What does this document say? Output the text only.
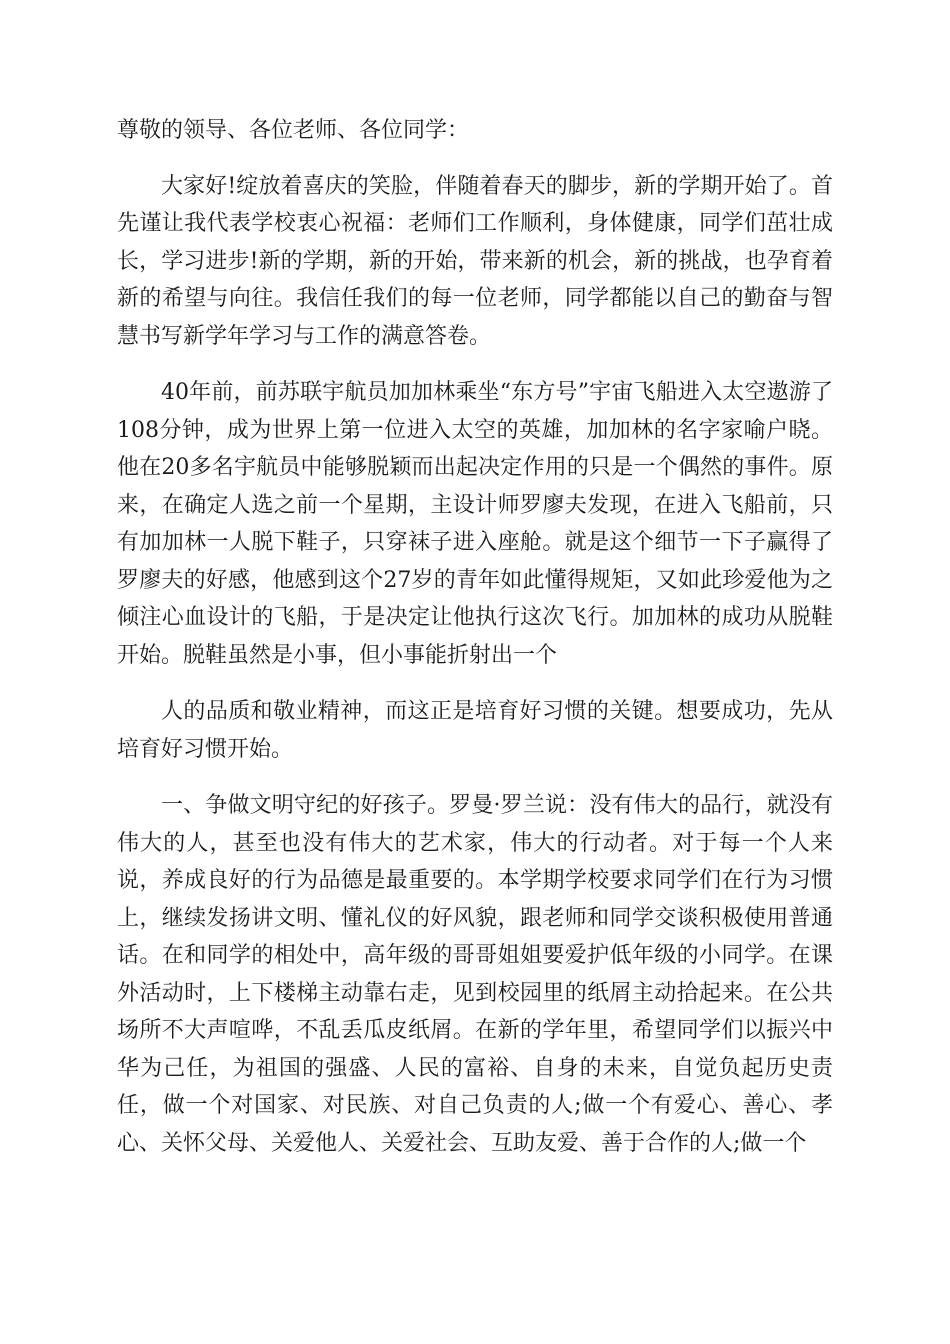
尊敬的领导、各位老师、各位同学：

大家好!绽放着喜庆的笑脸，伴随着春天的脚步，新的学期开始了。首先谨让我代表学校衷心祝福：老师们工作顺利，身体健康，同学们茁壮成长，学习进步!新的学期，新的开始，带来新的机会，新的挑战，也孕育着新的希望与向往。我信任我们的每一位老师，同学都能以自己的勤奋与智慧书写新学年学习与工作的满意答卷。

40年前，前苏联宇航员加加林乘坐“东方号”宇宙飞船进入太空遨游了108分钟，成为世界上第一位进入太空的英雄，加加林的名字家喻户晓。他在20多名宇航员中能够脱颖而出起决定作用的只是一个偶然的事件。原来，在确定人选之前一个星期，主设计师罗廖夫发现，在进入飞船前，只有加加林一人脱下鞋子，只穿袜子进入座舱。就是这个细节一下子赢得了罗廖夫的好感，他感到这个27岁的青年如此懂得规矩，又如此珍爱他为之倾注心血设计的飞船，于是决定让他执行这次飞行。加加林的成功从脱鞋开始。脱鞋虽然是小事，但小事能折射出一个

人的品质和敬业精神，而这正是培育好习惯的关键。想要成功，先从培育好习惯开始。

一、争做文明守纪的好孩子。罗曼·罗兰说：没有伟大的品行，就没有伟大的人，甚至也没有伟大的艺术家，伟大的行动者。对于每一个人来说，养成良好的行为品德是最重要的。本学期学校要求同学们在行为习惯上，继续发扬讲文明、懂礼仪的好风貌，跟老师和同学交谈积极使用普通话。在和同学的相处中，高年级的哥哥姐姐要爱护低年级的小同学。在课外活动时，上下楼梯主动靠右走，见到校园里的纸屑主动拾起来。在公共场所不大声喧哗，不乱丢瓜皮纸屑。在新的学年里，希望同学们以振兴中华为己任，为祖国的强盛、人民的富裕、自身的未来，自觉负起历史责任，做一个对国家、对民族、对自己负责的人;做一个有爱心、善心、孝心、关怀父母、关爱他人、关爱社会、互助友爱、善于合作的人;做一个
